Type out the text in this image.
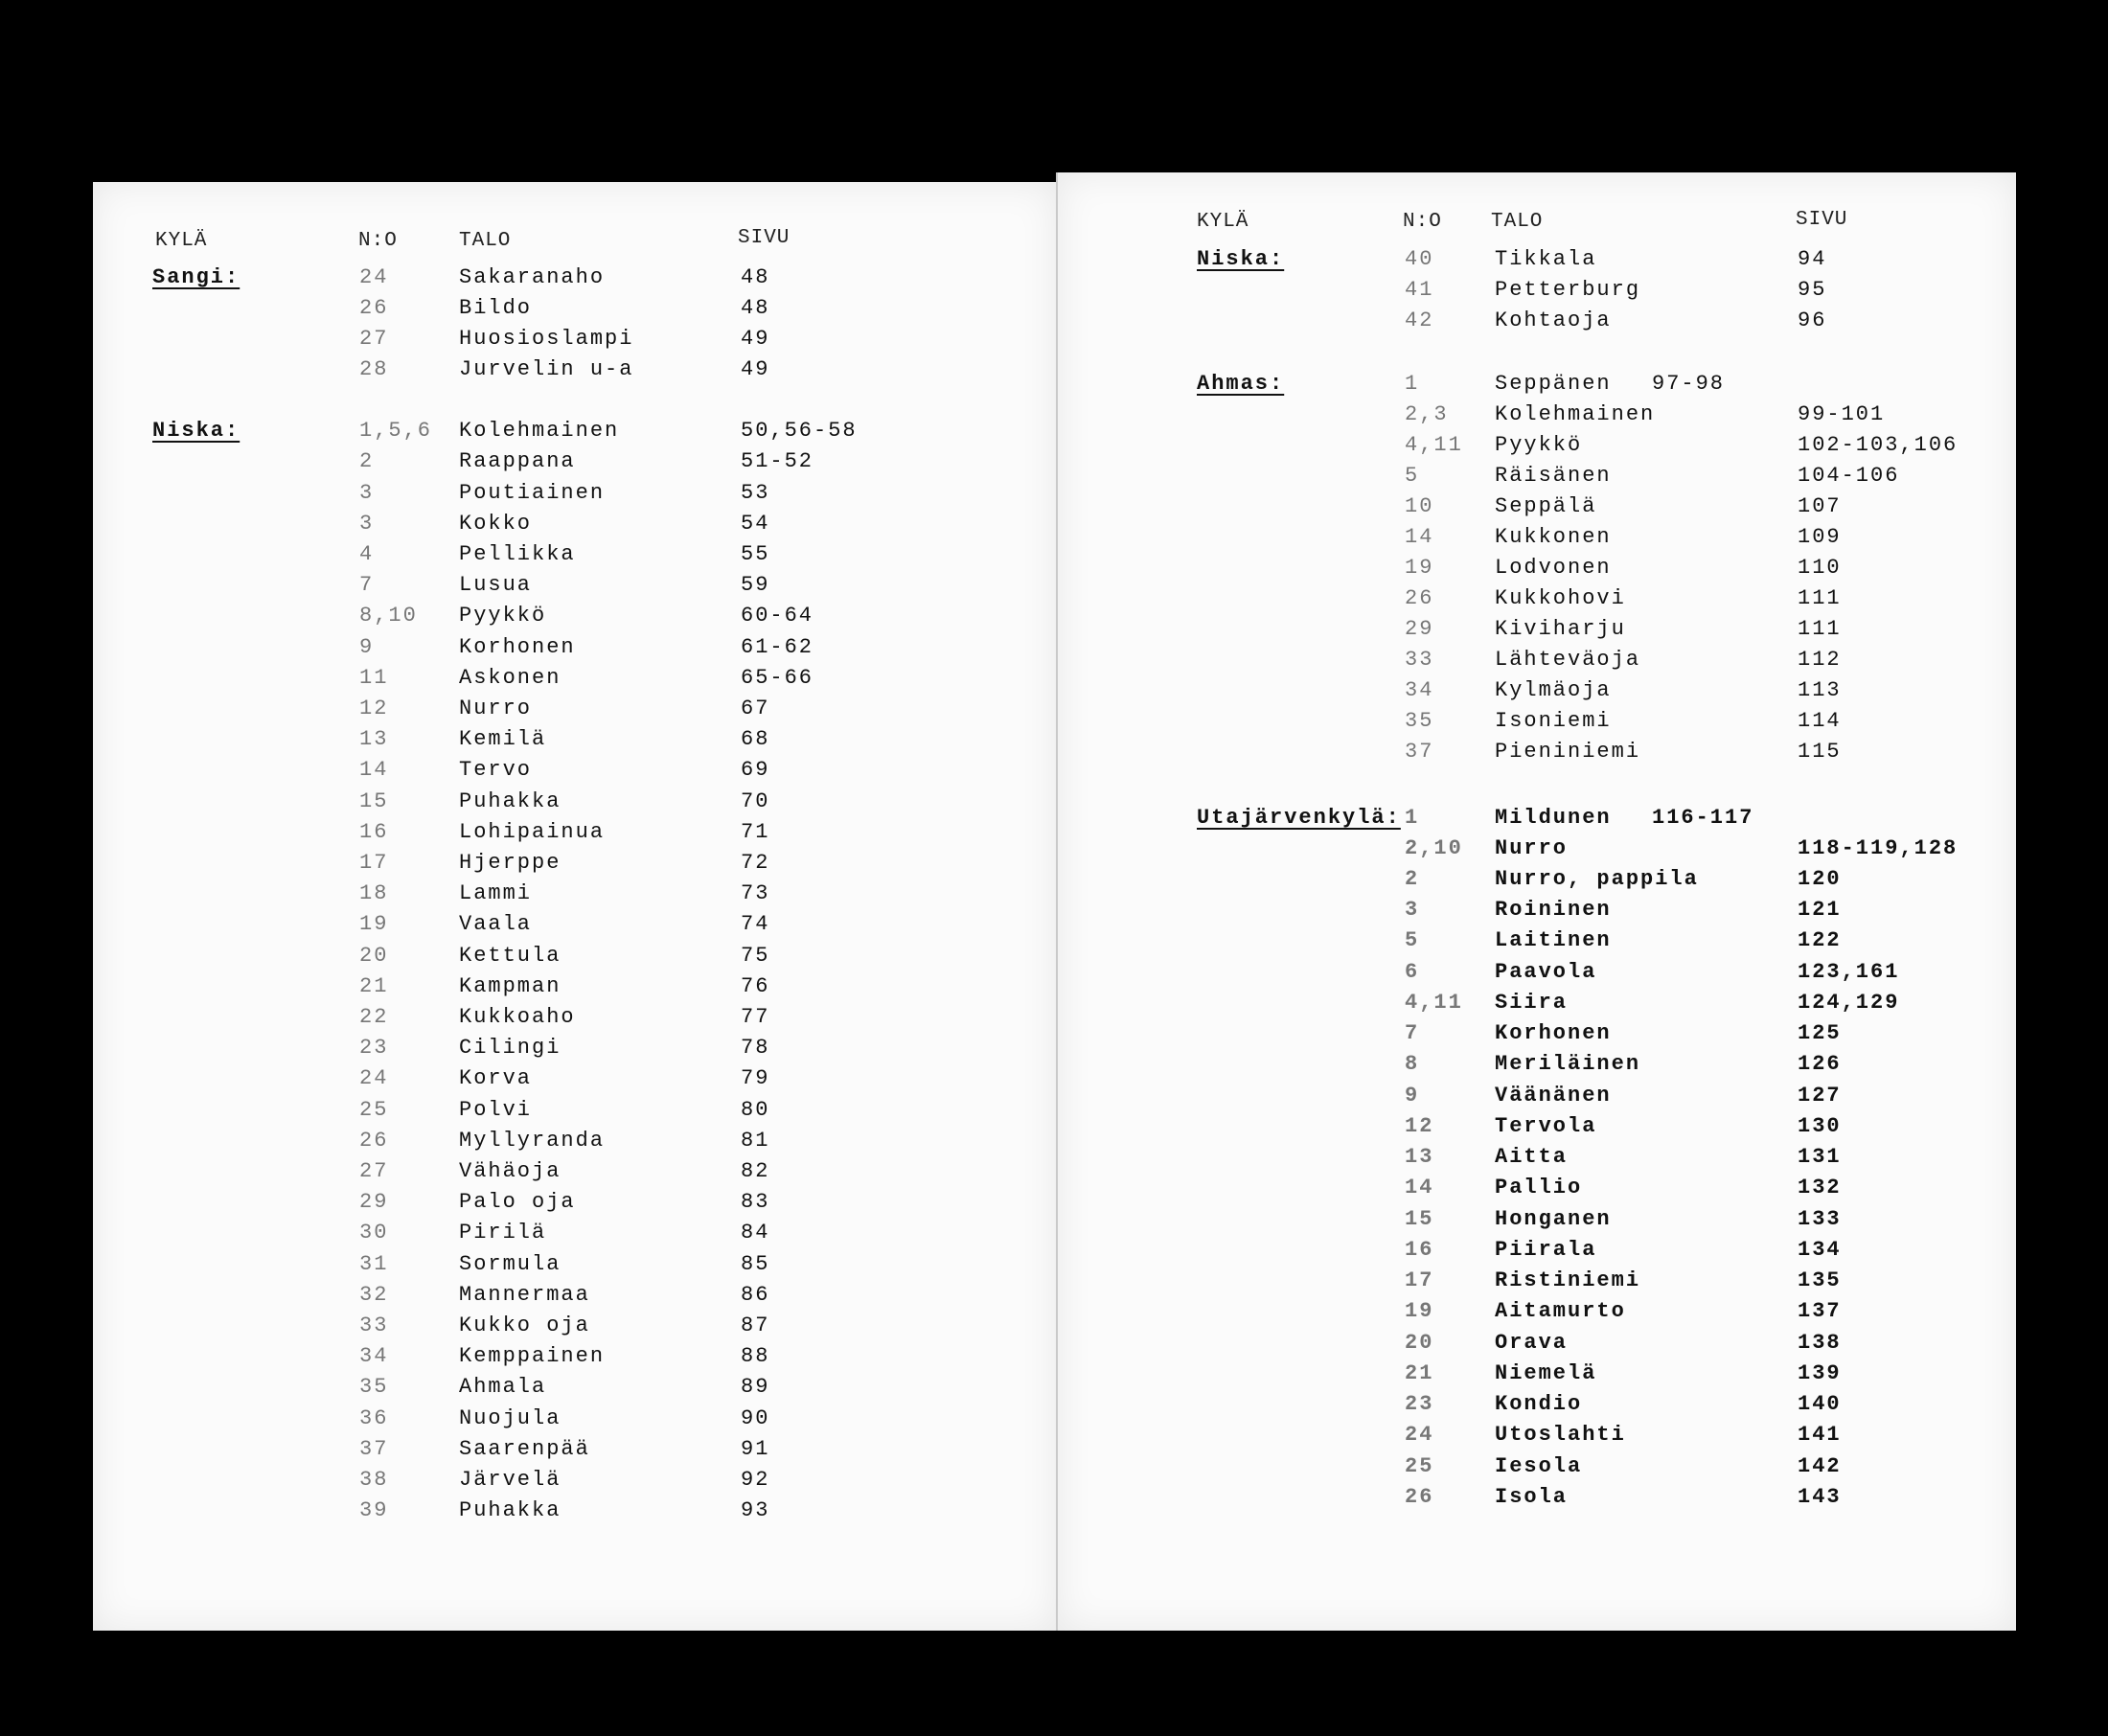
KYLÄ	N:O	TALO	SIVU
Sangi:	24	Sakaranaho	48
26	Bildo	48
27	Huosioslampi	49
28	Jurvelin u-a	49
Niska:	1,5,6 Kolehmainen	50,56-58
2	Raappana	51-52
3	Poutiainen	53
3	Kokko	54
4	Pellikka	55
7	Lusua	59
8,10 Pyykkö	60-64
9	Korhonen	61-62
11	Askonen	65-66
12	Nurro	67
13	Kemilä	68
14	Tervo	69
15	Puhakka	70
16	Lohipainua	71
17	Hjerppe	72
18	Lammi	73
19	Vaala	74
20	Kettula	75
21	Kampman	76
22	Kukkoaho	77
23	Cilingi	78
24	Korva	79
25	Polvi	80
26	Myllyranda	81
27	Vähäoja	82
29	Palo oja	83
30	Pirilä	84
31	Sormula	85
32	Mannermaa	86
33	Kukko oja	87
34	Kemppainen	88
35	Ahmala	89
36	Nuojula	90
37	Saarenpää	91
38	Järvelä	92
39	Puhakka	93
KYLÄ	N:O TALO	SIVU
Niska:	40	Tikkala	94
41	Petterburg	95
42	Kohtaoja	96
Ahmas:	1	Seppänen 97-98
2,3 Kolehmainen	99-101
4,11 Pyykkö	102-103,106
5	Räisänen	104-106
10	Seppälä	107
14	Kukkonen	109
19	Lodvonen	110
26	Kukkohovi	111
29	Kiviharju	111
33	Lähteväoja	112
34	Kylmäoja	113
35	Isoniemi	114
37	Pieniniemi	115
Utajärvenkylä: 1	Mildunen 116-117
2,10 Nurro	118-119,128
2	Nurro, pappila	120
3	Roininen	121
5	Laitinen	122
6	Paavola	123,161
4,11 Siira	124,129
7	Korhonen	125
8	Meriläinen	126
9	Väänänen	127
12	Tervola	130
13	Aitta	131
14	Pallio	132
15	Honganen	133
16	Piirala	134
17	Ristiniemi	135
19	Aitamurto	137
20	Orava	138
21	Niemelä	139
23	Kondio	140
24	Utoslahti	141
25	Iesola	142
26	Isola	143
